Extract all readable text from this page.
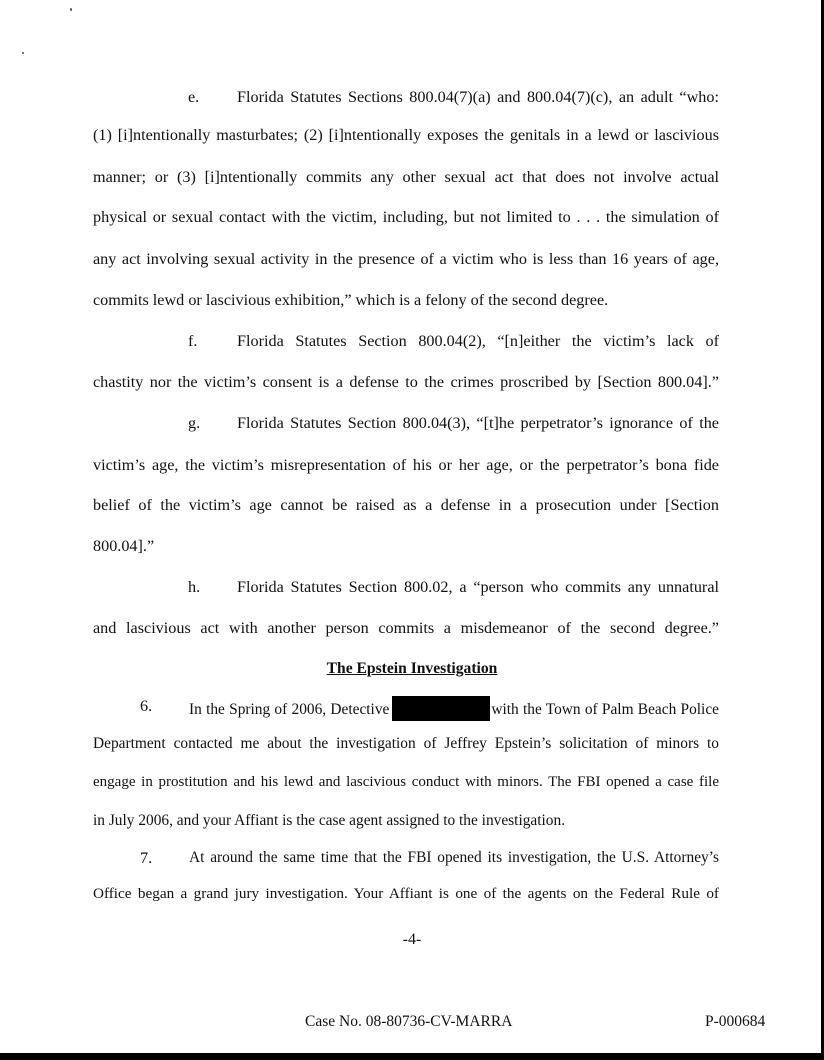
e. Florida Statutes Sections 800.04(7)(a) and 800.04(7)(c), an adult “who:
(1) [i]ntentionally masturbates; (2) [i]ntentionally exposes the genitals in a lewd or lascivious
manner; or (3) [i]ntentionally commits any other sexual act that does not involve actual
physical or sexual contact with the victim, including, but not limited to . . . the simulation of
any act involving sexual activity in the presence of a victim who is less than 16 years of age,
commits lewd or lascivious exhibition,” which is a felony of the second degree.
f. Florida Statutes Section 800.04(2), “[n]either the victim’s lack of
chastity nor the victim’s consent is a defense to the crimes proscribed by [Section 800.04].”
g. Florida Statutes Section 800.04(3), “[t]he perpetrator’s ignorance of the
victim’s age, the victim’s misrepresentation of his or her age, or the perpetrator’s bona fide
belief of the victim’s age cannot be raised as a defense in a prosecution under [Section
800.04].”
h. Florida Statutes Section 800.02, a “person who commits any unnatural
and lascivious act with another person commits a misdemeanor of the second degree.”
The Epstein Investigation
6. In the Spring of 2006, Detective	with the Town of Palm Beach Police
Department contacted me about the investigation of Jeffrey Epstein’s solicitation of minors to
engage in prostitution and his lewd and lascivious conduct with minors. The FBI opened a case file
in July 2006, and your Affiant is the case agent assigned to the investigation.
7. At around the same time that the FBI opened its investigation, the U.S. Attorney’s
Office began a grand jury investigation. Your Affiant is one of the agents on the Federal Rule of
-4-
Case No. 08-80736-CV-MARRA	P-000684
